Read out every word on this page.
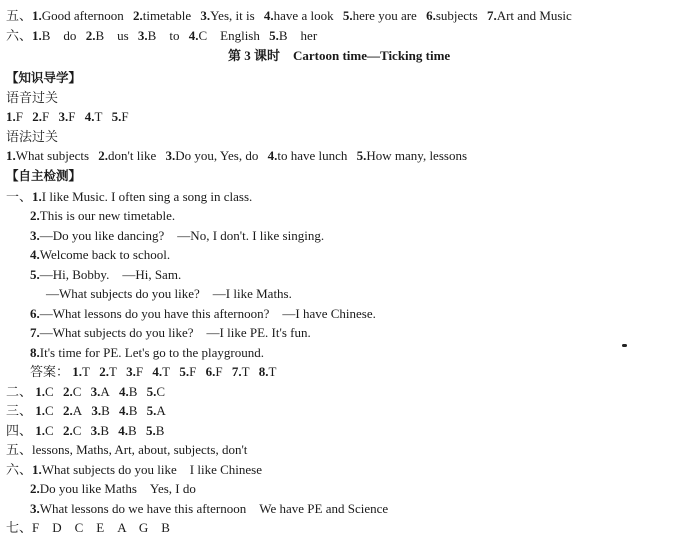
五、1.Good afternoon 2.timetable 3.Yes, it is 4.have a look 5.here you are 6.subjects 7.Art and Music
六、1.B　do 2.B　us 3.B　to 4.C　English 5.B　her
第 3 课时　Cartoon time—Ticking time
【知识导学】
语音过关
1.F 2.F 3.F 4.T 5.F
语法过关
1.What subjects 2.don't like 3.Do you, Yes, do 4.to have lunch 5.How many, lessons
【自主检测】
一、1.I like Music. I often sing a song in class.
2.This is our new timetable.
3.—Do you like dancing?　—No, I don't. I like singing.
4.Welcome back to school.
5.—Hi, Bobby.　—Hi, Sam.
—What subjects do you like?　—I like Maths.
6.—What lessons do you have this afternoon?　—I have Chinese.
7.—What subjects do you like?　—I like PE. It's fun.
8.It's time for PE. Let's go to the playground.
答案： 1.T 2.T 3.F 4.T 5.F 6.F 7.T 8.T
二、 1.C 2.C 3.A 4.B 5.C
三、 1.C 2.A 3.B 4.B 5.A
四、 1.C 2.C 3.B 4.B 5.B
五、lessons, Maths, Art, about, subjects, don't
六、1.What subjects do you like　I like Chinese
2.Do you like Maths　Yes, I do
3.What lessons do we have this afternoon　We have PE and Science
七、F　D　C　E　A　G　B
